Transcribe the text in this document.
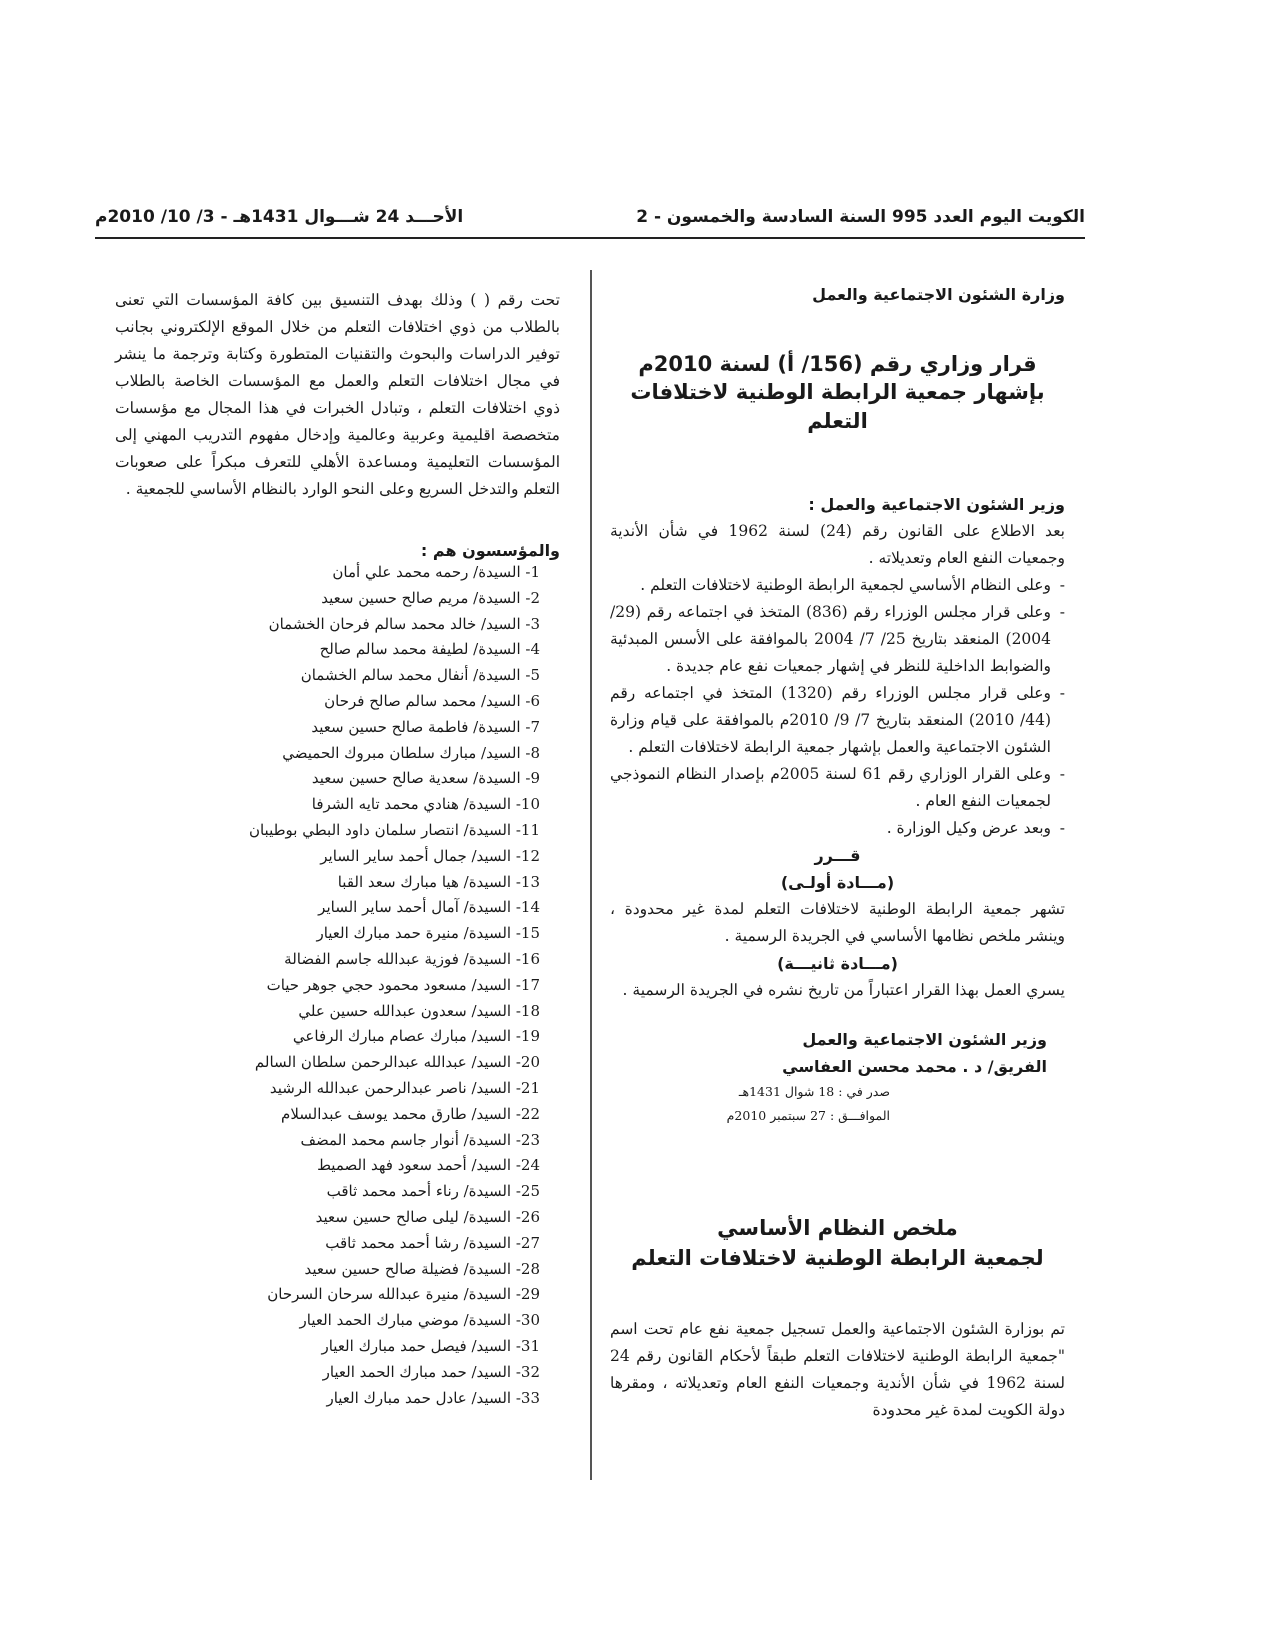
الكويت اليوم العدد 995 السنة السادسة والخمسون - 2
الأحـــد 24 شـــوال 1431هـ - 3/ 10/ 2010م

وزارة الشئون الاجتماعية والعمل

قرار وزاري رقم (156/ أ) لسنة 2010م

بإشهار جمعية الرابطة الوطنية لاختلافات التعلم

وزير الشئون الاجتماعية والعمل :

بعد الاطلاع على القانون رقم (24) لسنة 1962 في شأن الأندية وجمعيات النفع العام وتعديلاته .

-
وعلى النظام الأساسي لجمعية الرابطة الوطنية لاختلافات التعلم .

-
وعلى قرار مجلس الوزراء رقم (836) المتخذ في اجتماعه رقم (29/ 2004) المنعقد بتاريخ 25/ 7/ 2004 بالموافقة على الأسس المبدئية والضوابط الداخلية للنظر في إشهار جمعيات نفع عام جديدة .

-
وعلى قرار مجلس الوزراء رقم (1320) المتخذ في اجتماعه رقم (44/ 2010) المنعقد بتاريخ 7/ 9/ 2010م بالموافقة على قيام وزارة الشئون الاجتماعية والعمل بإشهار جمعية الرابطة لاختلافات التعلم .

-
وعلى القرار الوزاري رقم 61 لسنة 2005م بإصدار النظام النموذجي لجمعيات النفع العام .

-
وبعد عرض وكيل الوزارة .

قـــرر

(مـــادة أولـى)

تشهر جمعية الرابطة الوطنية لاختلافات التعلم لمدة غير محدودة ، وينشر ملخص نظامها الأساسي في الجريدة الرسمية .

(مـــادة ثانيـــة)

يسري العمل بهذا القرار اعتباراً من تاريخ نشره في الجريدة الرسمية .

وزير الشئون الاجتماعية والعمل
الفريق/ د . محمد محسن العفاسي
صدر في : 18 شوال 1431هـ
الموافـــق : 27 سبتمبر 2010م
ملخص النظام الأساسي
لجمعية الرابطة الوطنية لاختلافات التعلم

تم بوزارة الشئون الاجتماعية والعمل تسجيل جمعية نفع عام تحت اسم "جمعية الرابطة الوطنية لاختلافات التعلم طبقاً لأحكام القانون رقم 24 لسنة 1962 في شأن الأندية وجمعيات النفع العام وتعديلاته ، ومقرها دولة الكويت لمدة غير محدودة

تحت رقم ( ) وذلك بهدف التنسيق بين كافة المؤسسات التي تعنى بالطلاب من ذوي اختلافات التعلم من خلال الموقع الإلكتروني بجانب توفير الدراسات والبحوث والتقنيات المتطورة وكتابة وترجمة ما ينشر في مجال اختلافات التعلم والعمل مع المؤسسات الخاصة بالطلاب ذوي اختلافات التعلم ، وتبادل الخبرات في هذا المجال مع مؤسسات متخصصة اقليمية وعربية وعالمية وإدخال مفهوم التدريب المهني إلى المؤسسات التعليمية ومساعدة الأهلي للتعرف مبكراً على صعوبات التعلم والتدخل السريع وعلى النحو الوارد بالنظام الأساسي للجمعية .

والمؤسسون هم :

1- السيدة/ رحمه محمد علي أمان
2- السيدة/ مريم صالح حسين سعيد
3- السيد/ خالد محمد سالم فرحان الخشمان
4- السيدة/ لطيفة محمد سالم صالح
5- السيدة/ أنفال محمد سالم الخشمان
6- السيد/ محمد سالم صالح فرحان
7- السيدة/ فاطمة صالح حسين سعيد
8- السيد/ مبارك سلطان مبروك الحميضي
9- السيدة/ سعدية صالح حسين سعيد
10- السيدة/ هنادي محمد تايه الشرفا
11- السيدة/ انتصار سلمان داود البطي بوطيبان
12- السيد/ جمال أحمد ساير الساير
13- السيدة/ هيا مبارك سعد القبا
14- السيدة/ آمال أحمد ساير الساير
15- السيدة/ منيرة حمد مبارك العيار
16- السيدة/ فوزية عبدالله جاسم الفضالة
17- السيد/ مسعود محمود حجي جوهر حيات
18- السيد/ سعدون عبدالله حسين علي
19- السيد/ مبارك عصام مبارك الرفاعي
20- السيد/ عبدالله عبدالرحمن سلطان السالم
21- السيد/ ناصر عبدالرحمن عبدالله الرشيد
22- السيد/ طارق محمد يوسف عبدالسلام
23- السيدة/ أنوار جاسم محمد المضف
24- السيد/ أحمد سعود فهد الصميط
25- السيدة/ رناء أحمد محمد ثاقب
26- السيدة/ ليلى صالح حسين سعيد
27- السيدة/ رشا أحمد محمد ثاقب
28- السيدة/ فضيلة صالح حسين سعيد
29- السيدة/ منيرة عبدالله سرحان السرحان
30- السيدة/ موضي مبارك الحمد العيار
31- السيد/ فيصل حمد مبارك العيار
32- السيد/ حمد مبارك الحمد العيار
33- السيد/ عادل حمد مبارك العيار
